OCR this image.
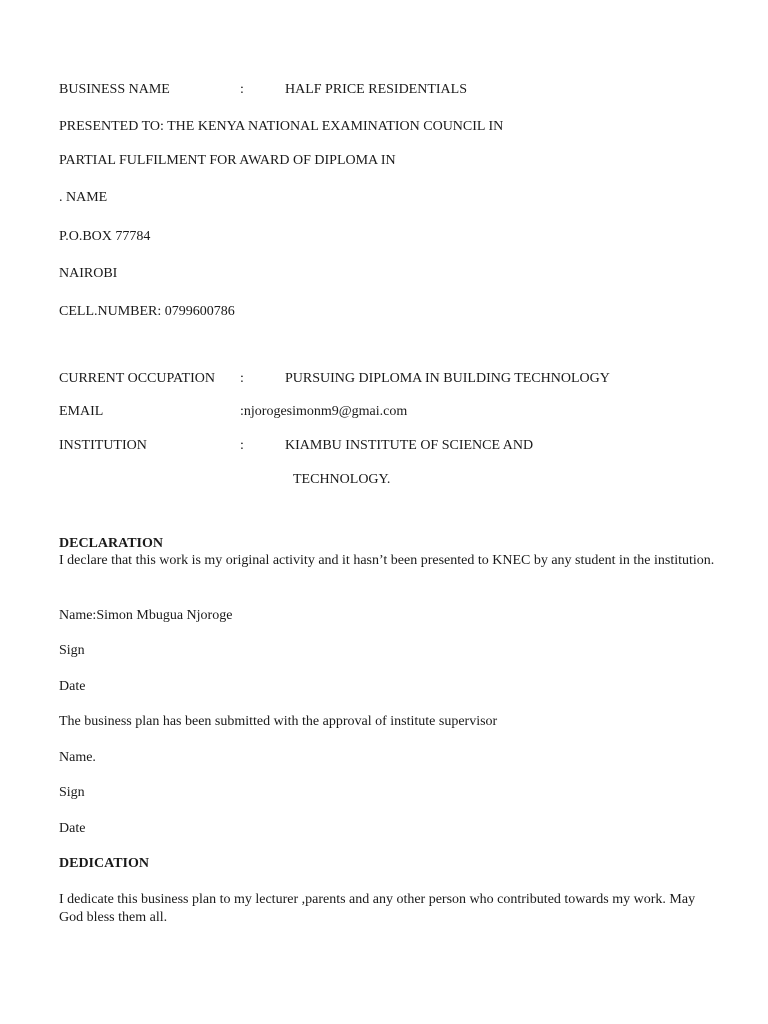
BUSINESS NAME	:	HALF PRICE RESIDENTIALS
PRESENTED TO: THE KENYA NATIONAL EXAMINATION COUNCIL IN
PARTIAL FULFILMENT FOR AWARD OF DIPLOMA IN
. NAME
P.O.BOX 77784
NAIROBI
CELL.NUMBER: 0799600786
CURRENT OCCUPATION :	PURSUING DIPLOMA IN BUILDING TECHNOLOGY
EMAIL	:njorogesimonm9@gmai.com
INSTITUTION	:	KIAMBU INSTITUTE OF SCIENCE AND
TECHNOLOGY.
DECLARATION
I declare that this work is my original activity and it hasn’t been presented to KNEC by any student in the institution.
Name:Simon Mbugua Njoroge
Sign
Date
The business plan has been submitted with the approval of institute supervisor
Name.
Sign
Date
DEDICATION
I dedicate this business plan to my lecturer ,parents and any other person who contributed towards my work. May God bless them all.
